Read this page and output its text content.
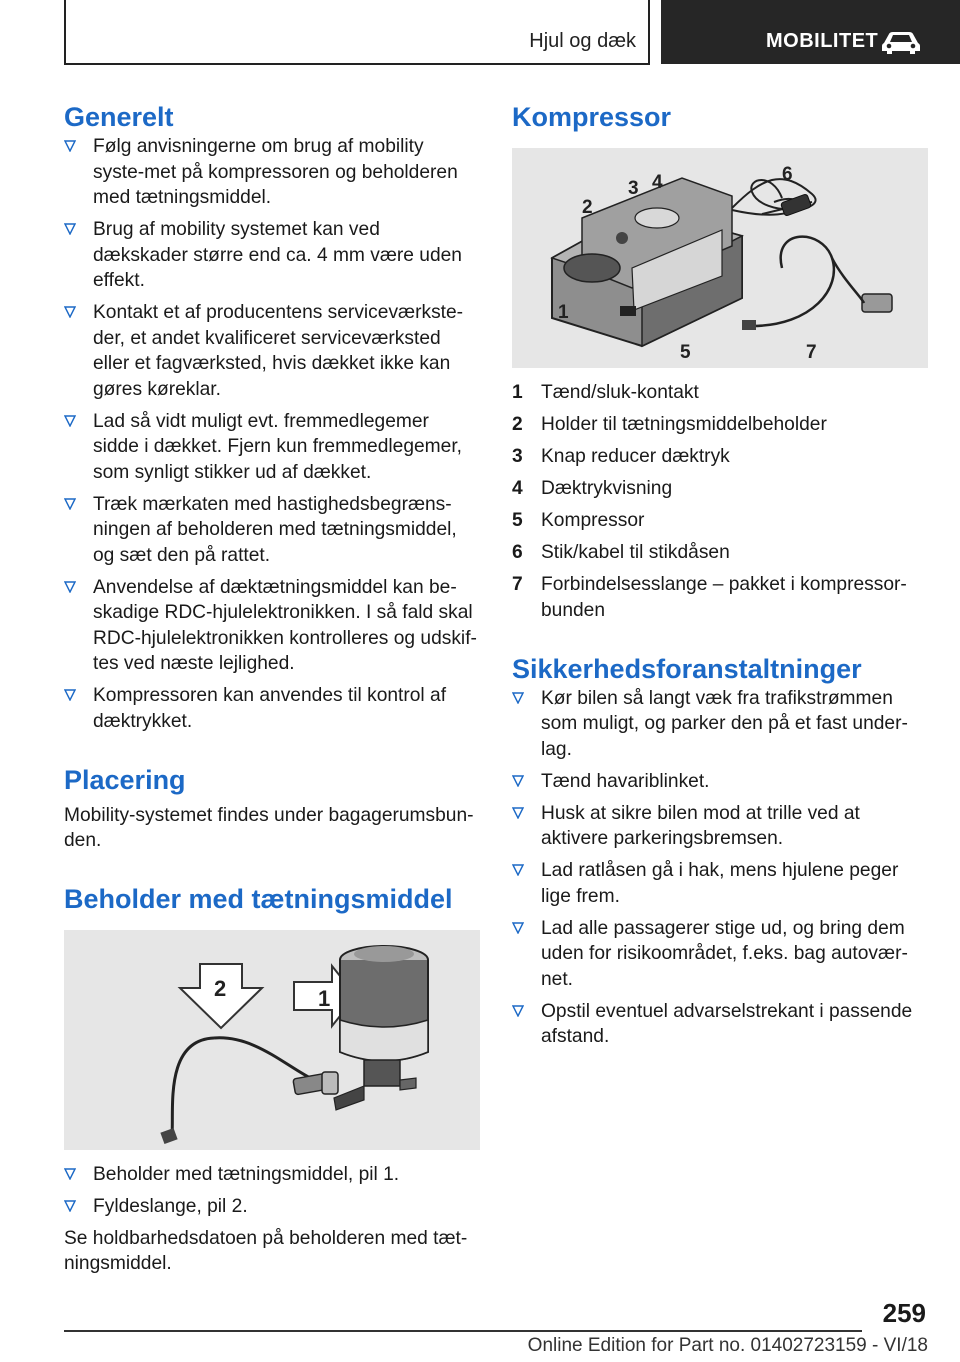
Hjul og dæk	MOBILITET
Generelt
Følg anvisningerne om brug af mobility syste-met på kompressoren og beholderen med tætningsmiddel.
Brug af mobility systemet kan ved dækskader større end ca. 4 mm være uden effekt.
Kontakt et af producentens serviceværkste-der, et andet kvalificeret serviceværksted eller et fagværksted, hvis dækket ikke kan gøres køreklar.
Lad så vidt muligt evt. fremmedlegemer sidde i dækket. Fjern kun fremmedlegemer, som synligt stikker ud af dækket.
Træk mærkaten med hastighedsbegræns-ningen af beholderen med tætningsmiddel, og sæt den på rattet.
Anvendelse af dæktætningsmiddel kan be-skadige RDC-hjulelektronikken. I så fald skal RDC-hjulelektronikken kontrolleres og udskif-tes ved næste lejlighed.
Kompressoren kan anvendes til kontrol af dæktrykket.
Placering

Mobility-systemet findes under bagagerumsbun-den.

Beholder med tætningsmiddel
2	1
Beholder med tætningsmiddel, pil 1.
Fyldeslange, pil 2.

Se holdbarhedsdatoen på beholderen med tæt-ningsmiddel.

Kompressor
1
2
3 4
5
6
7
1 Tænd/sluk-kontakt
2 Holder til tætningsmiddelbeholder
3 Knap reducer dæktryk
4 Dæktrykvisning
5 Kompressor
6 Stik/kabel til stikdåsen
7 Forbindelsesslange – pakket i kompressor-bunden
Sikkerhedsforanstaltninger
Kør bilen så langt væk fra trafikstrømmen som muligt, og parker den på et fast under-lag.
Tænd havariblinket.
Husk at sikre bilen mod at trille ved at aktivere parkeringsbremsen.
Lad ratlåsen gå i hak, mens hjulene peger lige frem.
Lad alle passagerer stige ud, og bring dem uden for risikoområdet, f.eks. bag autovær-net.
Opstil eventuel advarselstrekant i passende afstand.
259
Online Edition for Part no. 01402723159 - VI/18
